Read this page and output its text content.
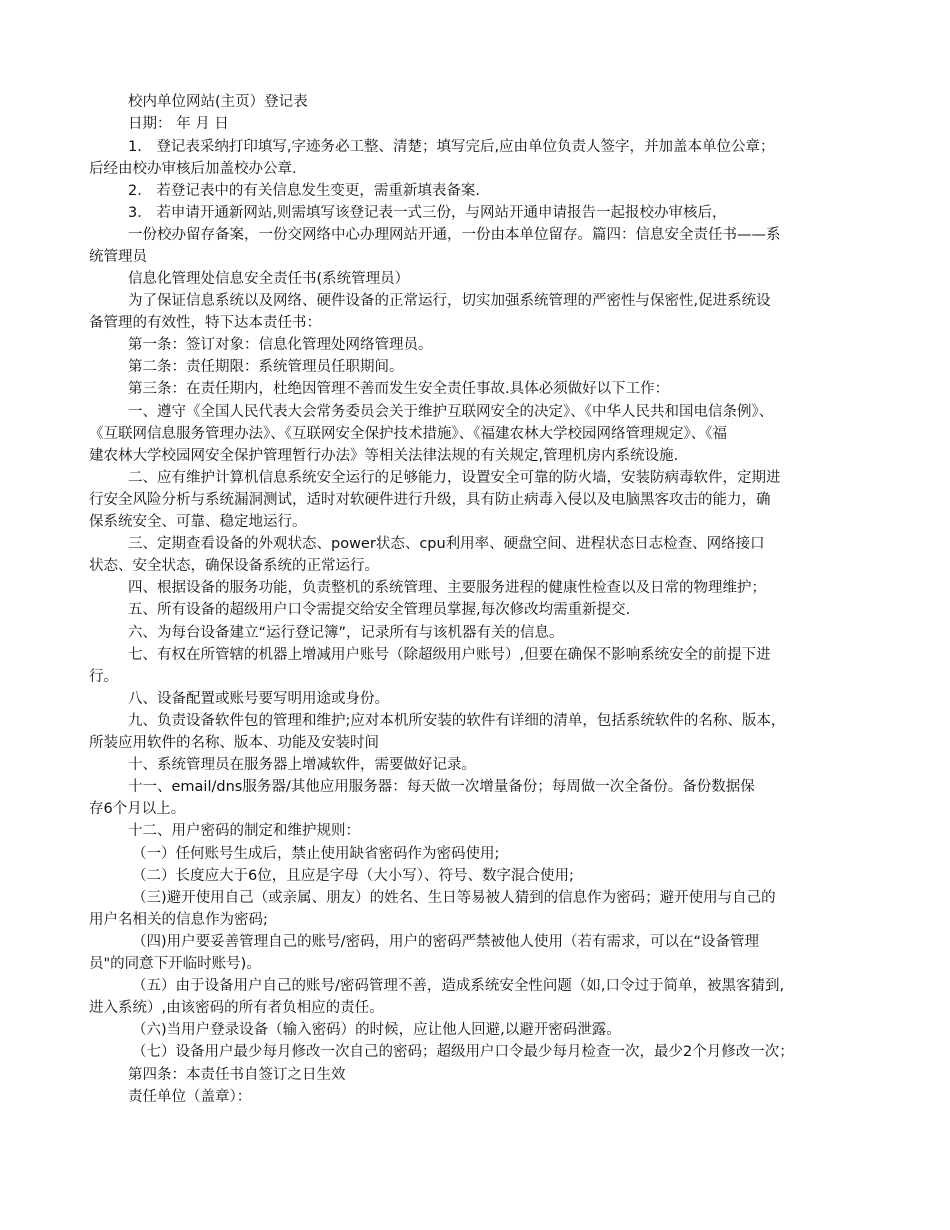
校内单位网站(主页）登记表

日期： 年 月 日

1． 登记表采纳打印填写,字迹务必工整、清楚；填写完后,应由单位负责人签字，并加盖本单位公章；

后经由校办审核后加盖校办公章.

2． 若登记表中的有关信息发生变更，需重新填表备案.

3． 若申请开通新网站,则需填写该登记表一式三份，与网站开通申请报告一起报校办审核后，

一份校办留存备案，一份交网络中心办理网站开通，一份由本单位留存。篇四：信息安全责任书——系

统管理员

信息化管理处信息安全责任书(系统管理员）

为了保证信息系统以及网络、硬件设备的正常运行，切实加强系统管理的严密性与保密性,促进系统设

备管理的有效性，特下达本责任书：

第一条：签订对象：信息化管理处网络管理员。

第二条：责任期限：系统管理员任职期间。

第三条：在责任期内，杜绝因管理不善而发生安全责任事故.具体必须做好以下工作：

一、遵守《全国人民代表大会常务委员会关于维护互联网安全的决定》、《中华人民共和国电信条例》、

《互联网信息服务管理办法》、《互联网安全保护技术措施》、《福建农林大学校园网络管理规定》、《福

建农林大学校园网安全保护管理暂行办法》等相关法律法规的有关规定,管理机房内系统设施.

二、应有维护计算机信息系统安全运行的足够能力，设置安全可靠的防火墙，安装防病毒软件，定期进

行安全风险分析与系统漏洞测试，适时对软硬件进行升级，具有防止病毒入侵以及电脑黑客攻击的能力，确

保系统安全、可靠、稳定地运行。

三、定期查看设备的外观状态、power状态、cpu利用率、硬盘空间、进程状态日志检查、网络接口

状态、安全状态，确保设备系统的正常运行。

四、根据设备的服务功能，负责整机的系统管理、主要服务进程的健康性检查以及日常的物理维护；

五、所有设备的超级用户口令需提交给安全管理员掌握,每次修改均需重新提交.

六、为每台设备建立“运行登记簿”，记录所有与该机器有关的信息。

七、有权在所管辖的机器上增减用户账号（除超级用户账号）,但要在确保不影响系统安全的前提下进

行。

八、设备配置或账号要写明用途或身份。

九、负责设备软件包的管理和维护;应对本机所安装的软件有详细的清单，包括系统软件的名称、版本，

所装应用软件的名称、版本、功能及安装时间

十、系统管理员在服务器上增减软件，需要做好记录。

十一、email/dns服务器/其他应用服务器：每天做一次增量备份；每周做一次全备份。备份数据保

存6个月以上。

十二、用户密码的制定和维护规则：

（一）任何账号生成后，禁止使用缺省密码作为密码使用;

（二）长度应大于6位，且应是字母（大小写）、符号、数字混合使用;

（三)避开使用自己（或亲属、朋友）的姓名、生日等易被人猜到的信息作为密码；避开使用与自己的

用户名相关的信息作为密码;

（四)用户要妥善管理自己的账号/密码，用户的密码严禁被他人使用（若有需求，可以在“设备管理

员"的同意下开临时账号)。

（五）由于设备用户自己的账号/密码管理不善，造成系统安全性问题（如,口令过于简单，被黑客猜到,

进入系统）,由该密码的所有者负相应的责任。

（六)当用户登录设备（输入密码）的时候，应让他人回避,以避开密码泄露。

（七）设备用户最少每月修改一次自己的密码；超级用户口令最少每月检查一次，最少2个月修改一次；

第四条：本责任书自签订之日生效

责任单位（盖章）：
